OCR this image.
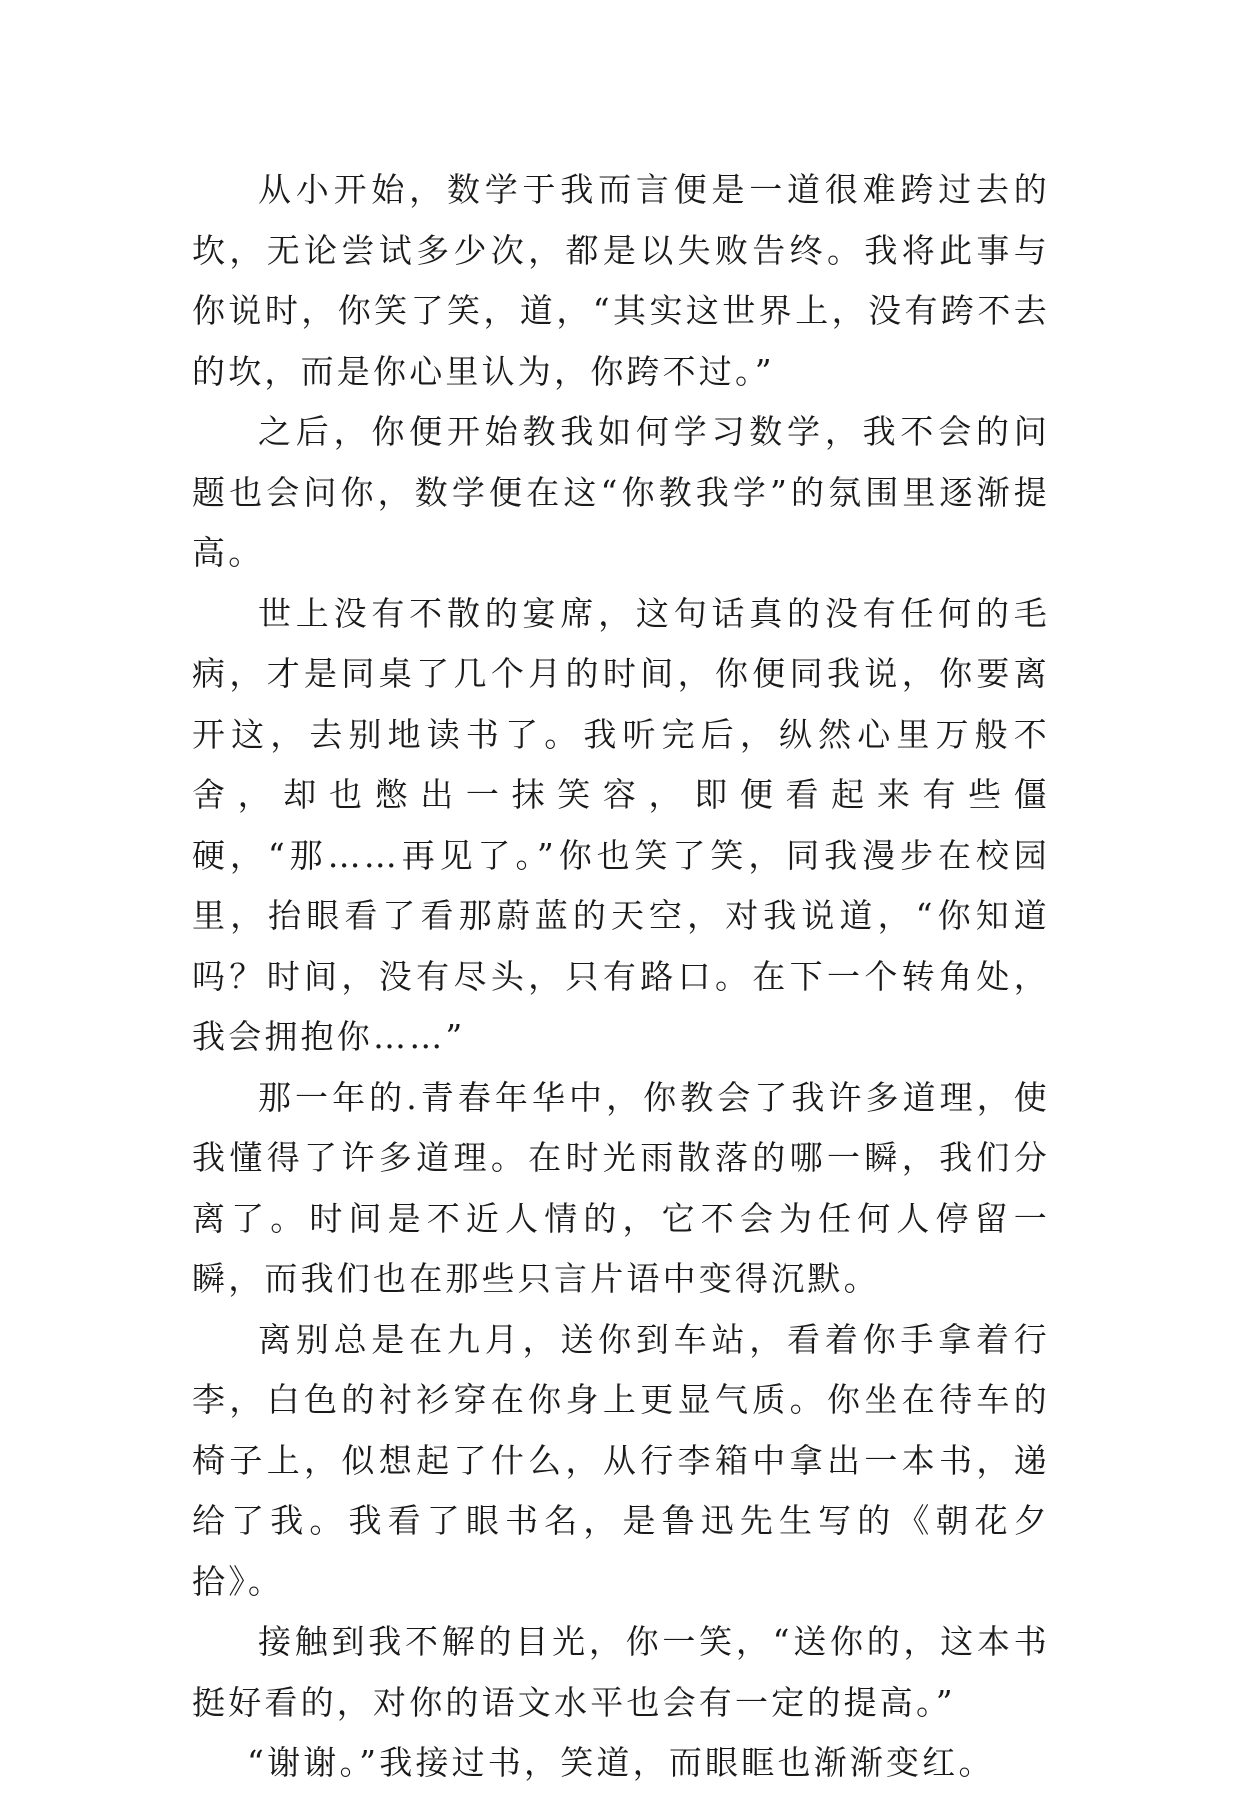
从小开始，数学于我而言便是一道很难跨过去的坎，无论尝试多少次，都是以失败告终。我将此事与你说时，你笑了笑，道，“其实这世界上，没有跨不去的坎，而是你心里认为，你跨不过。”

之后，你便开始教我如何学习数学，我不会的问题也会问你，数学便在这“你教我学”的氛围里逐渐提高。

世上没有不散的宴席，这句话真的没有任何的毛病，才是同桌了几个月的时间，你便同我说，你要离开这，去别地读书了。我听完后，纵然心里万般不舍，却也憋出一抹笑容，即便看起来有些僵硬，“那……再见了。”你也笑了笑，同我漫步在校园里，抬眼看了看那蔚蓝的天空，对我说道，“你知道吗？时间，没有尽头，只有路口。在下一个转角处，我会拥抱你……”

那一年的.青春年华中，你教会了我许多道理，使我懂得了许多道理。在时光雨散落的哪一瞬，我们分离了。时间是不近人情的，它不会为任何人停留一瞬，而我们也在那些只言片语中变得沉默。

离别总是在九月，送你到车站，看着你手拿着行李，白色的衬衫穿在你身上更显气质。你坐在待车的椅子上，似想起了什么，从行李箱中拿出一本书，递给了我。我看了眼书名，是鲁迅先生写的《朝花夕拾》。

接触到我不解的目光，你一笑，“送你的，这本书挺好看的，对你的语文水平也会有一定的提高。”

“谢谢。”我接过书，笑道，而眼眶也渐渐变红。
